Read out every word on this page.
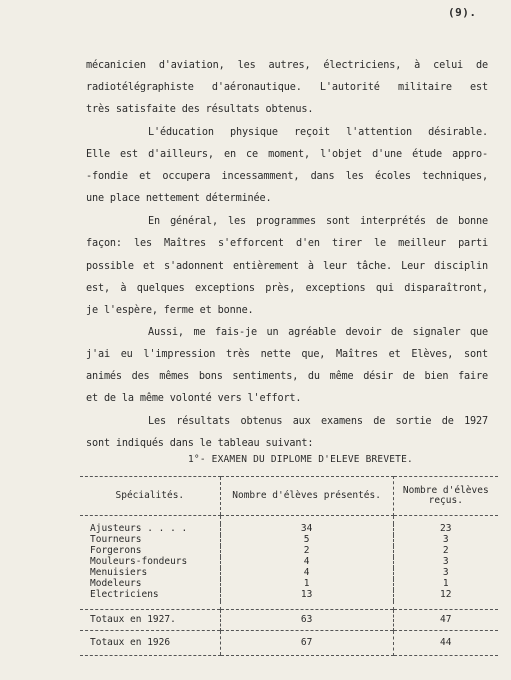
(9).
mécanicien d'aviation, les autres, électriciens, à celui de
radiotélégraphiste d'aéronautique. L'autorité militaire est
très satisfaite des résultats obtenus.
L'éducation physique reçoit l'attention désirable.
Elle est d'ailleurs, en ce moment, l'objet d'une étude appro-
-fondie et occupera incessamment, dans les écoles techniques,
une place nettement déterminée.
En général, les programmes sont interprétés de bonne
façon: les Maîtres s'efforcent d'en tirer le meilleur parti
possible et s'adonnent entièrement à leur tâche. Leur disciplin
est, à quelques exceptions près, exceptions qui disparaîtront,
je l'espère, ferme et bonne.
Aussi, me fais-je un agréable devoir de signaler que
j'ai eu l'impression très nette que, Maîtres et Elèves, sont
animés des mêmes bons sentiments, du même désir de bien faire
et de la même volonté vers l'effort.
Les résultats obtenus aux examens de sortie de 1927
sont indiqués dans le tableau suivant:
1°- EXAMEN DU DIPLOME D'ELEVE BREVETE.
Spécialités.	Nombre d'élèves présentés.	Nombre d'élèves reçus.

Ajusteurs . . . .	34	23
Tourneurs	5	3
Forgerons	2	2
Mouleurs-fondeurs	4	3
Menuisiers	4	3
Modeleurs	1	1
Electriciens	13	12

Totaux en 1927.	63	47
Totaux en 1926	67	44
